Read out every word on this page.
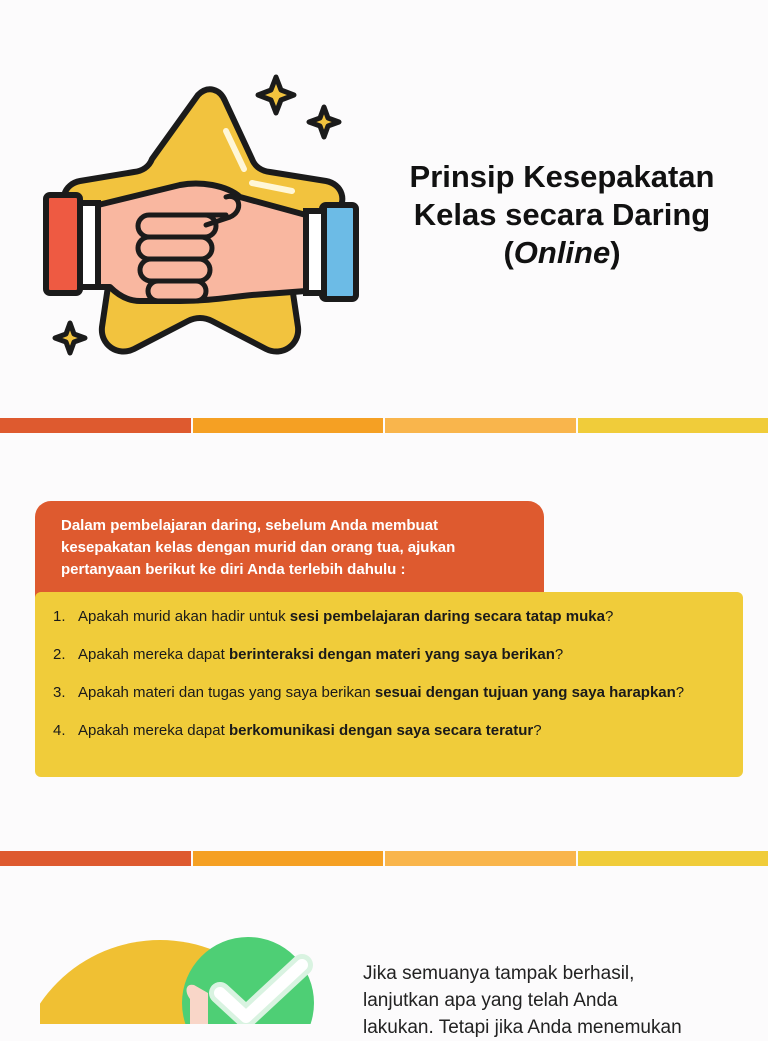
Prinsip Kesepakatan
Kelas secara Daring
(Online)

Dalam pembelajaran daring, sebelum Anda membuat

kesepakatan kelas dengan murid dan orang tua, ajukan

pertanyaan berikut ke diri Anda terlebih dahulu :

1. Apakah murid akan hadir untuk sesi pembelajaran daring secara tatap muka?
2. Apakah mereka dapat berinteraksi dengan materi yang saya berikan?
3. Apakah materi dan tugas yang saya berikan sesuai dengan tujuan yang saya harapkan?
4. Apakah mereka dapat berkomunikasi dengan saya secara teratur?
Jika semuanya tampak berhasil,
lanjutkan apa yang telah Anda
lakukan. Tetapi jika Anda menemukan
